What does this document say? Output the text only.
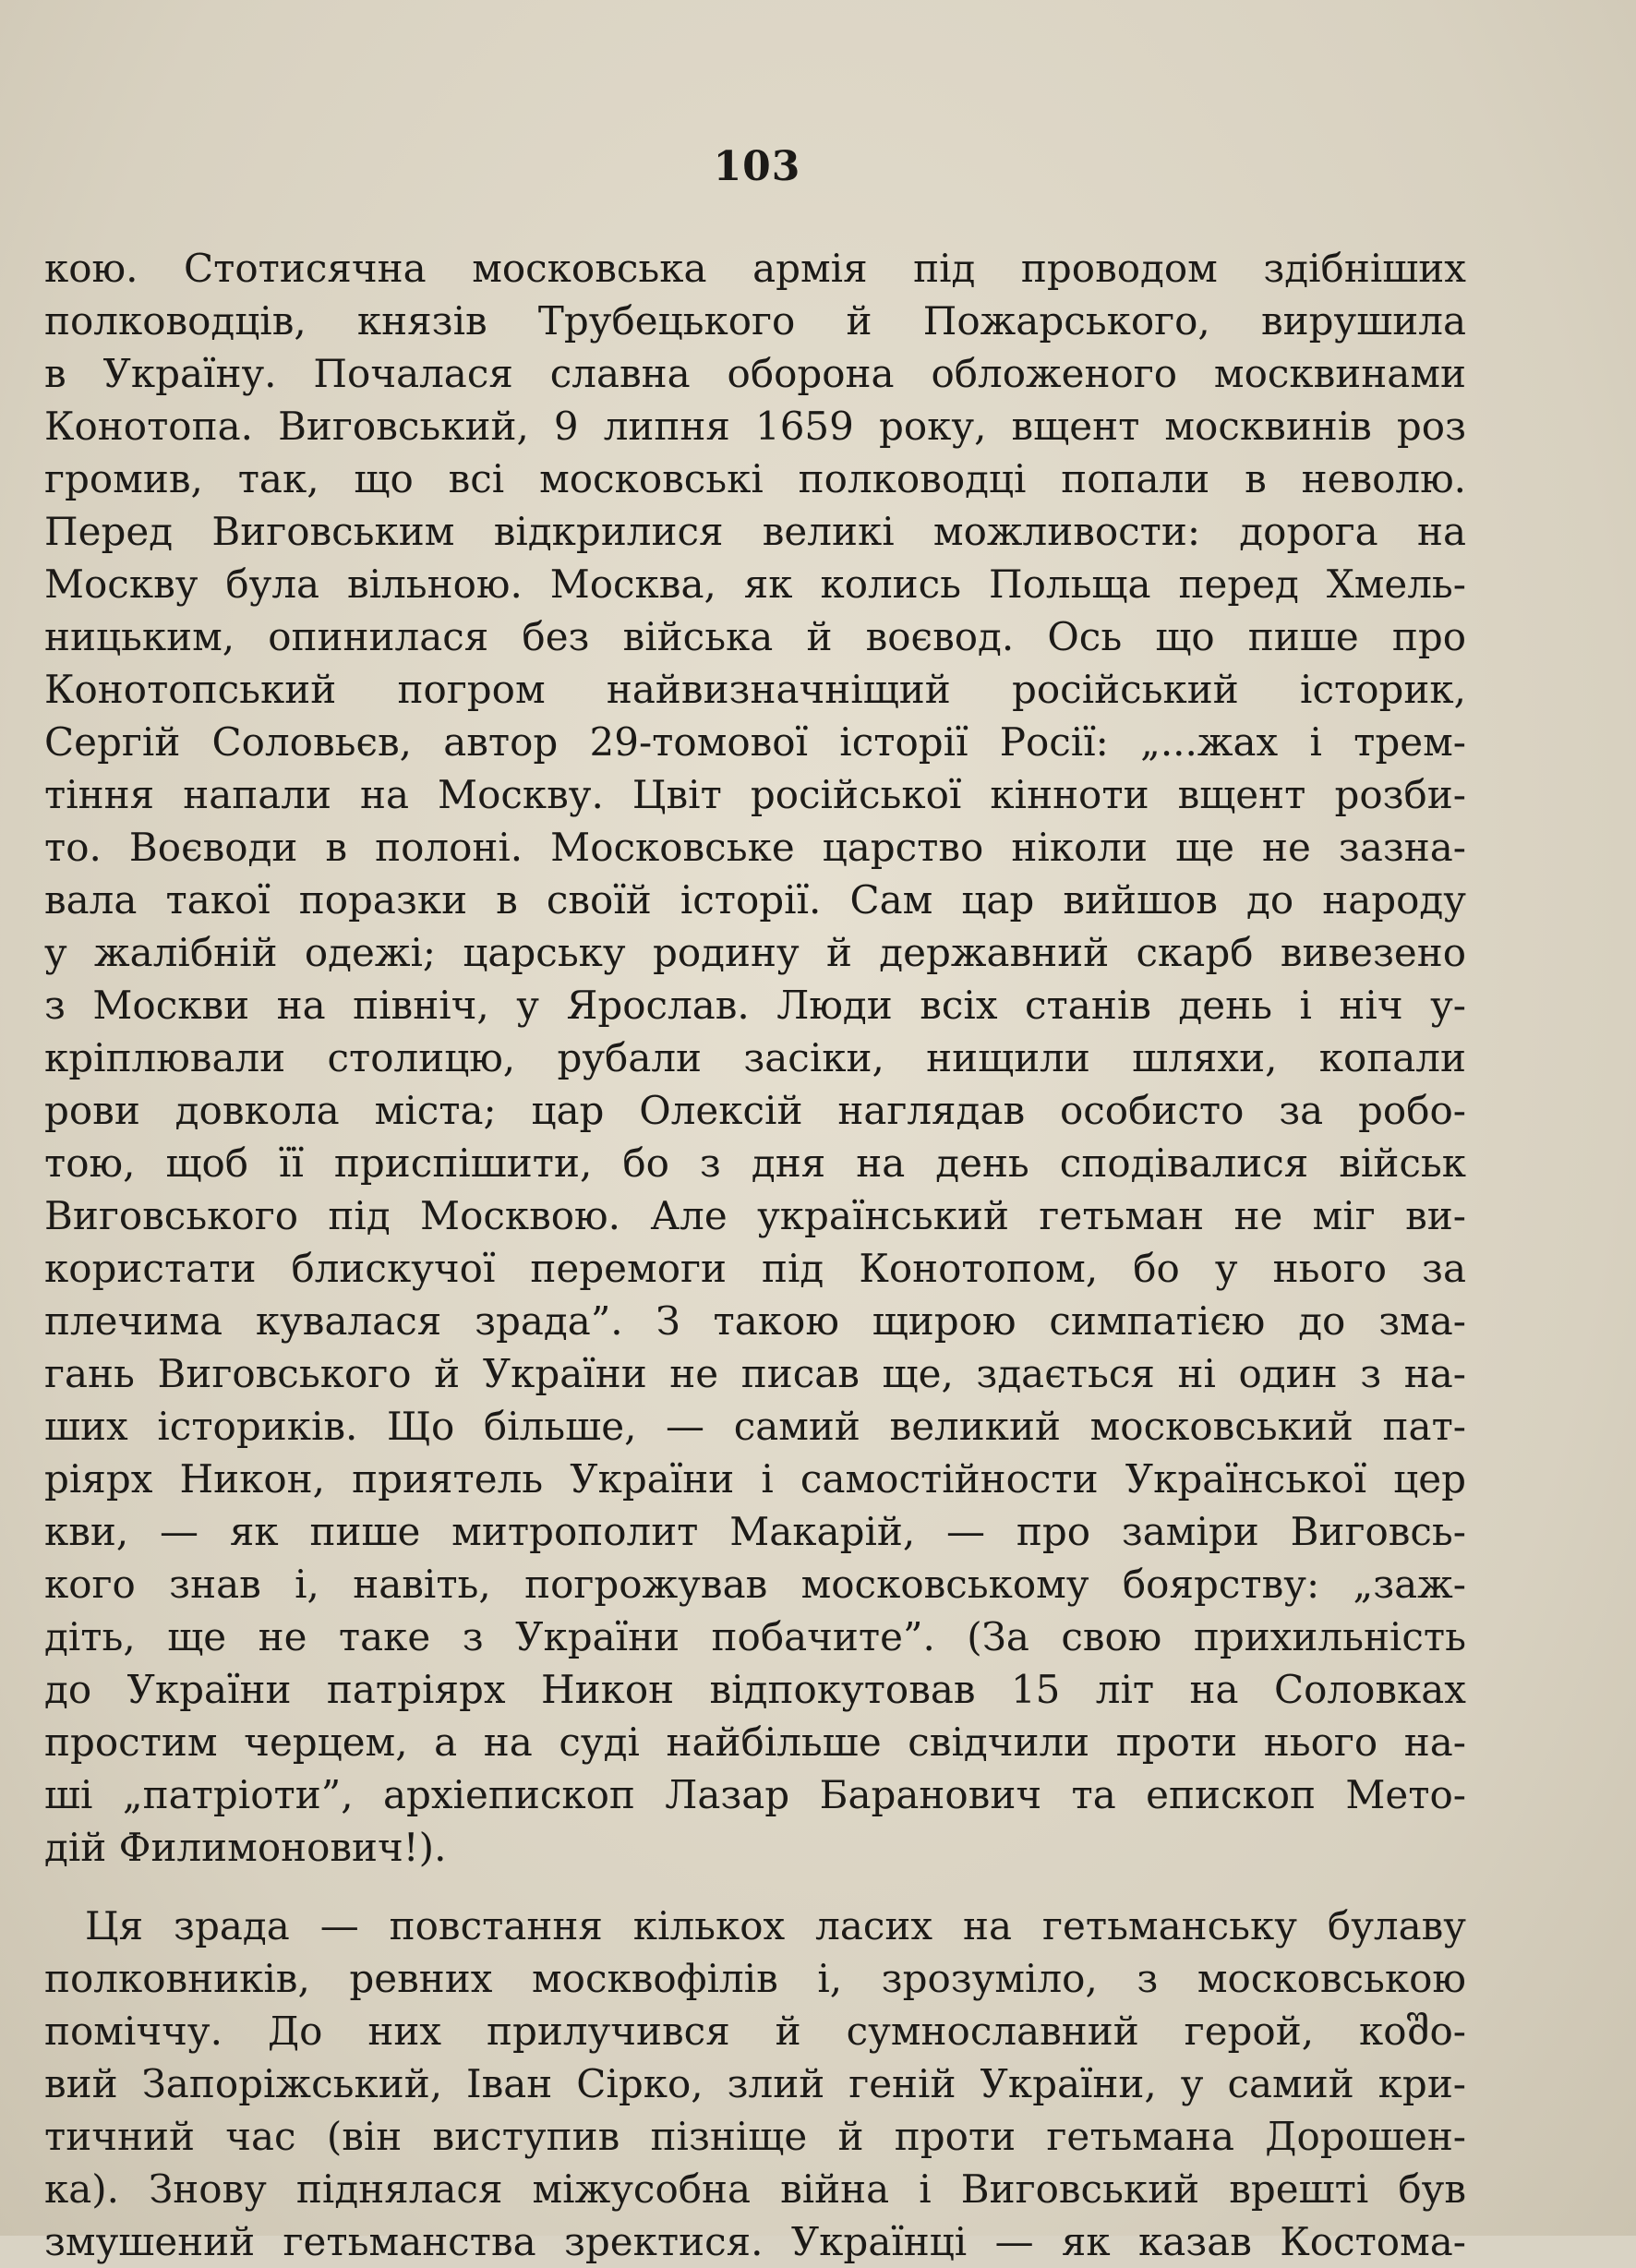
103
кою. Стотисячна московська армія під проводом здібніших
полководців, князів Трубецького й Пожарського, вирушила
в Україну. Почалася славна оборона обложеного москвинами
Конотопа. Виговський, 9 липня 1659 року, вщент москвинів роз
громив, так, що всі московські полководці попали в неволю.
Перед Виговським відкрилися великі можливости: дорога на
Москву була вільною. Москва, як колись Польща перед Хмель-
ницьким, опинилася без війська й воєвод. Ось що пише про
Конотопський погром найвизначніщий російський історик,
Сергій Соловьєв, автор 29-томової історії Росії: „...жах і трем-
тіння напали на Москву. Цвіт російської кінноти вщент розби-
то. Воєводи в полоні. Московське царство ніколи ще не зазна-
вала такої поразки в своїй історії. Сам цар вийшов до народу
у жалібній одежі; царську родину й державний скарб вивезено
з Москви на північ, у Ярослав. Люди всіх станів день і ніч у-
кріплювали столицю, рубали засіки, нищили шляхи, копали
рови довкола міста; цар Олексій наглядав особисто за робо-
тою, щоб її приспішити, бо з дня на день сподівалися військ
Виговського під Москвою. Але український гетьман не міг ви-
користати блискучої перемоги під Конотопом, бо у нього за
плечима кувалася зрада”. З такою щирою симпатією до зма-
гань Виговського й України не писав ще, здається ні один з на-
ших істориків. Що більше, — самий великий московський пат-
ріярх Никон, приятель України і самостійности Української цер
кви, — як пише митрополит Макарій, — про заміри Виговсь-
кого знав і, навіть, погрожував московському боярству: „заж-
діть, ще не таке з України побачите”. (За свою прихильність
до України патріярх Никон відпокутовав 15 літ на Соловках
простим черцем, а на суді найбільше свідчили проти нього на-
ші „патріоти”, архіепископ Лазар Баранович та епископ Мето-
дій Филимонович!).
Ця зрада — повстання кількох ласих на гетьманську булаву
полковників, ревних москвофілів і, зрозуміло, з московською
поміччу. До них прилучився й сумнославний герой, коშо-
вий Запоріжський, Іван Сірко, злий геній України, у самий кри-
тичний час (він виступив пізніще й проти гетьмана Дорошен-
ка). Знову піднялася міжусобна війна і Виговський врешті був
змушений гетьманства зректися. Українці — як казав Костома-
